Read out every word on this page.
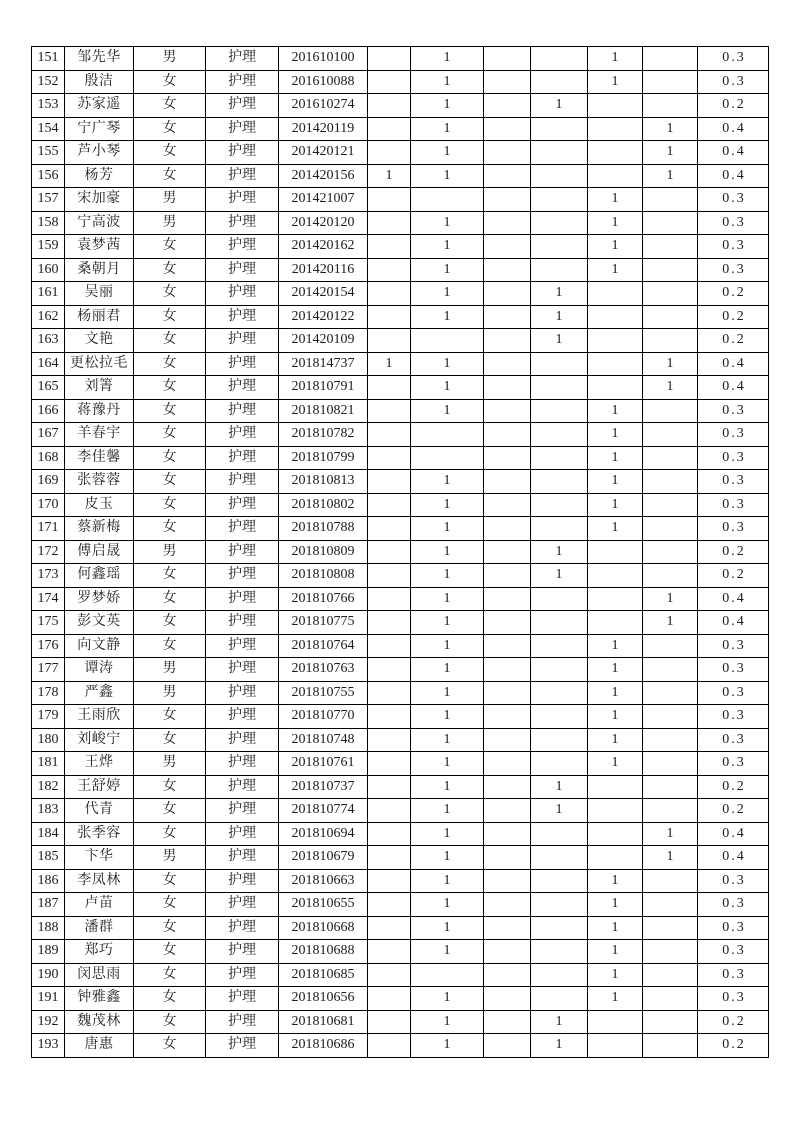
151	邹先华	男	护理	201610100		1			1		0.3
152	殷洁	女	护理	201610088		1			1		0.3
153	苏家遥	女	护理	201610274		1		1			0.2
154	宁广琴	女	护理	201420119		1				1	0.4
155	芦小琴	女	护理	201420121		1				1	0.4
156	杨芳	女	护理	201420156	1	1				1	0.4
157	宋加豪	男	护理	201421007					1		0.3
158	宁高波	男	护理	201420120		1			1		0.3
159	袁梦茜	女	护理	201420162		1			1		0.3
160	桑朝月	女	护理	201420116		1			1		0.3
161	吴丽	女	护理	201420154		1		1			0.2
162	杨丽君	女	护理	201420122		1		1			0.2
163	文艳	女	护理	201420109				1			0.2
164	更松拉毛	女	护理	201814737	1	1				1	0.4
165	刘箐	女	护理	201810791		1				1	0.4
166	蒋豫丹	女	护理	201810821		1			1		0.3
167	羊春宇	女	护理	201810782					1		0.3
168	李佳馨	女	护理	201810799					1		0.3
169	张蓉蓉	女	护理	201810813		1			1		0.3
170	皮玉	女	护理	201810802		1			1		0.3
171	蔡新梅	女	护理	201810788		1			1		0.3
172	傅启晟	男	护理	201810809		1		1			0.2
173	何鑫瑶	女	护理	201810808		1		1			0.2
174	罗梦娇	女	护理	201810766		1				1	0.4
175	彭文英	女	护理	201810775		1				1	0.4
176	向文静	女	护理	201810764		1			1		0.3
177	谭涛	男	护理	201810763		1			1		0.3
178	严鑫	男	护理	201810755		1			1		0.3
179	王雨欣	女	护理	201810770		1			1		0.3
180	刘峻宁	女	护理	201810748		1			1		0.3
181	王烨	男	护理	201810761		1			1		0.3
182	王舒婷	女	护理	201810737		1		1			0.2
183	代青	女	护理	201810774		1		1			0.2
184	张季容	女	护理	201810694		1				1	0.4
185	卞华	男	护理	201810679		1				1	0.4
186	李凤林	女	护理	201810663		1			1		0.3
187	卢苗	女	护理	201810655		1			1		0.3
188	潘群	女	护理	201810668		1			1		0.3
189	郑巧	女	护理	201810688		1			1		0.3
190	闵思雨	女	护理	201810685					1		0.3
191	钟雅鑫	女	护理	201810656		1			1		0.3
192	魏茂林	女	护理	201810681		1		1			0.2
193	唐惠	女	护理	201810686		1		1			0.2
